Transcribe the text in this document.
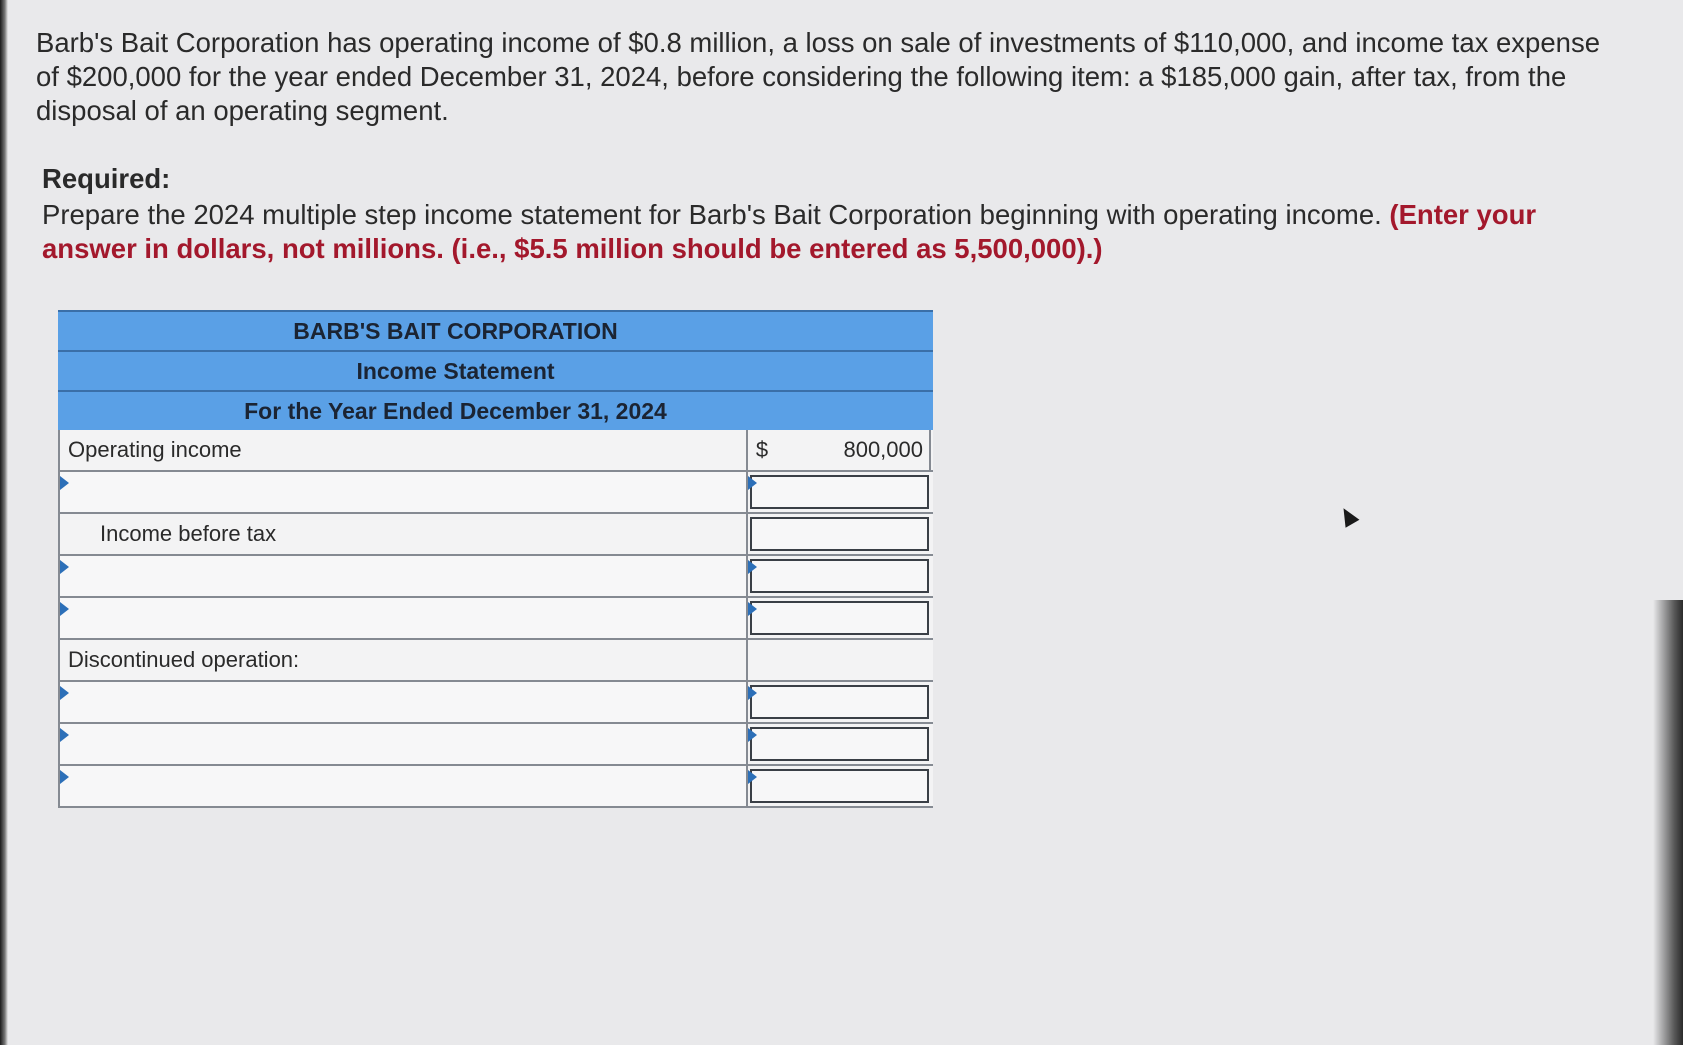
Barb's Bait Corporation has operating income of $0.8 million, a loss on sale of investments of $110,000, and income tax expense of $200,000 for the year ended December 31, 2024, before considering the following item: a $185,000 gain, after tax, from the disposal of an operating segment.
Required:
Prepare the 2024 multiple step income statement for Barb's Bait Corporation beginning with operating income. (Enter your answer in dollars, not millions. (i.e., $5.5 million should be entered as 5,500,000).)
BARB'S BAIT CORPORATION
Income Statement
For the Year Ended December 31, 2024
Operating income	$	800,000
Income before tax
Discontinued operation:
